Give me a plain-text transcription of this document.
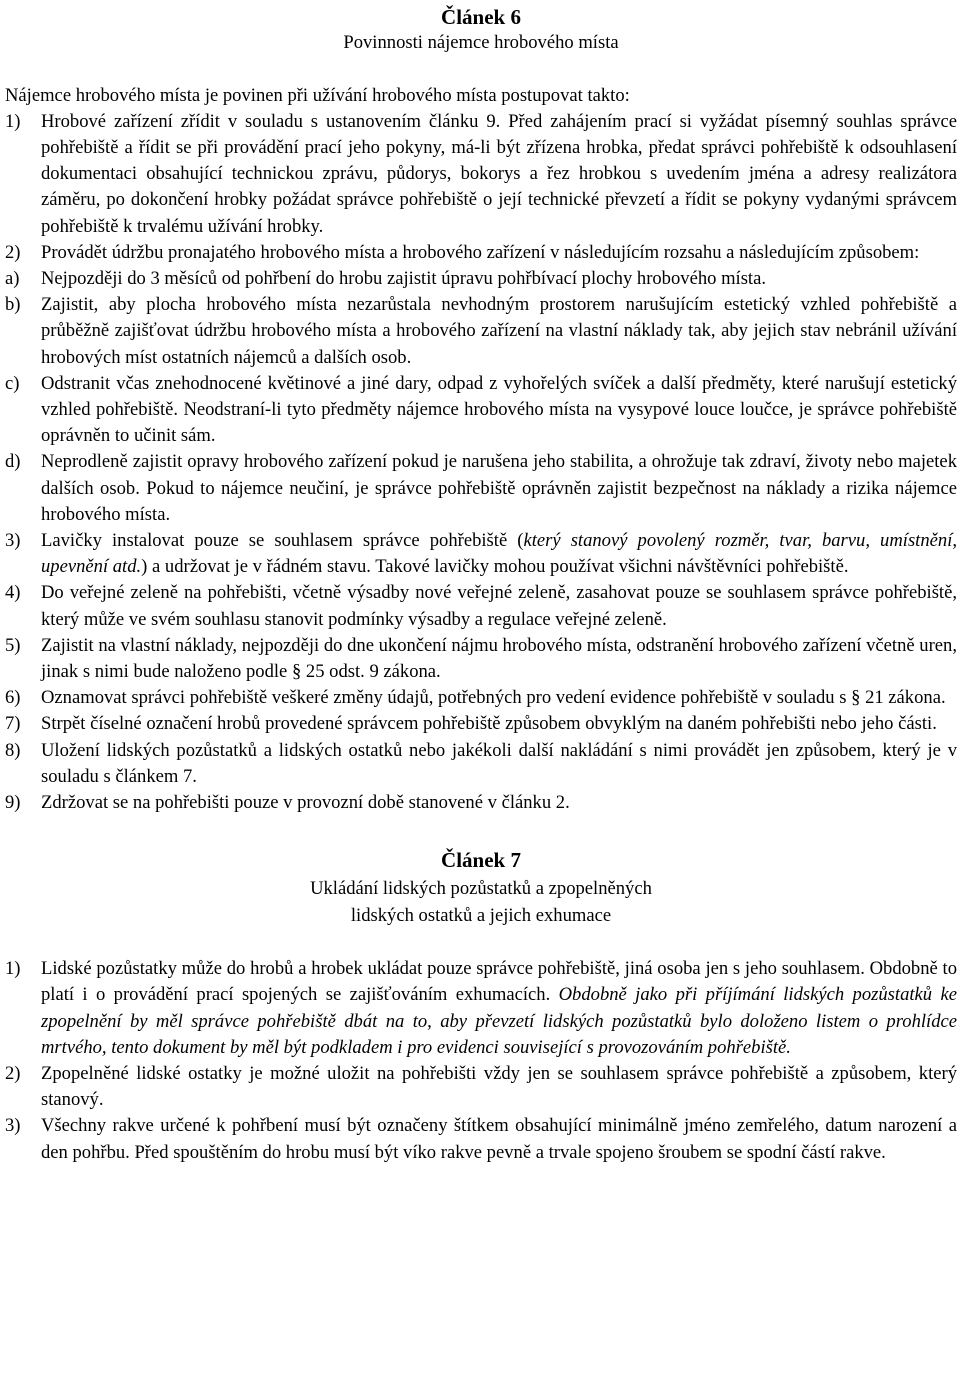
Článek 6
Povinnosti nájemce hrobového místa

Nájemce hrobového místa je povinen při užívání hrobového místa postupovat takto:

1)	Hrobové zařízení zřídit v souladu s ustanovením článku 9. Před zahájením prací si vyžádat písemný souhlas správce pohřebiště a řídit se při provádění prací jeho pokyny, má-li být zřízena hrobka, předat správci pohřebiště k odsouhlasení dokumentaci obsahující technickou zprávu, půdorys, bokorys a řez hrobkou s uvedením jména a adresy realizátora záměru, po dokončení hrobky požádat správce pohřebiště o její technické převzetí a řídit se pokyny vydanými správcem pohřebiště k trvalému užívání hrobky.
2)	Provádět údržbu pronajatého hrobového místa a hrobového zařízení v následujícím rozsahu a následujícím způsobem:
a)	Nejpozději do 3 měsíců od pohřbení do hrobu zajistit úpravu pohřbívací plochy hrobového místa.
b)	Zajistit, aby plocha hrobového místa nezarůstala nevhodným prostorem narušujícím estetický vzhled pohřebiště a průběžně zajišťovat údržbu hrobového místa a hrobového zařízení na vlastní náklady tak, aby jejich stav nebránil užívání hrobových míst ostatních nájemců a dalších osob.
c)	Odstranit včas znehodnocené květinové a jiné dary, odpad z vyhořelých svíček a další předměty, které narušují estetický vzhled pohřebiště. Neodstraní-li tyto předměty nájemce hrobového místa na vysypové louce loučce, je správce pohřebiště oprávněn to učinit sám.
d)	Neprodleně zajistit opravy hrobového zařízení pokud je narušena jeho stabilita, a ohrožuje tak zdraví, životy nebo majetek dalších osob. Pokud to nájemce neučiní, je správce pohřebiště oprávněn zajistit bezpečnost na náklady a rizika nájemce hrobového místa.
3)	Lavičky instalovat pouze se souhlasem správce pohřebiště (který stanový povolený rozměr, tvar, barvu, umístnění, upevnění atd.) a udržovat je v řádném stavu. Takové lavičky mohou používat všichni návštěvníci pohřebiště.
4)	Do veřejné zeleně na pohřebišti, včetně výsadby nové veřejné zeleně, zasahovat pouze se souhlasem správce pohřebiště, který může ve svém souhlasu stanovit podmínky výsadby a regulace veřejné zeleně.
5)	Zajistit na vlastní náklady, nejpozději do dne ukončení nájmu hrobového místa, odstranění hrobového zařízení včetně uren, jinak s nimi bude naloženo podle § 25 odst. 9 zákona.
6)	Oznamovat správci pohřebiště veškeré změny údajů, potřebných pro vedení evidence pohřebiště v souladu s § 21 zákona.
7)	Strpět číselné označení hrobů provedené správcem pohřebiště způsobem obvyklým na daném pohřebišti nebo jeho části.
8)	Uložení lidských pozůstatků a lidských ostatků nebo jakékoli další nakládání s nimi provádět jen způsobem, který je v souladu s článkem 7.
9)	Zdržovat se na pohřebišti pouze v provozní době stanovené v článku 2.
Článek 7
Ukládání lidských pozůstatků a zpopelněných
lidských ostatků a jejich exhumace
1)	Lidské pozůstatky může do hrobů a hrobek ukládat pouze správce pohřebiště, jiná osoba jen s jeho souhlasem. Obdobně to platí i o provádění prací spojených se zajišťováním exhumacích. Obdobně jako při příjímání lidských pozůstatků ke zpopelnění by měl správce pohřebiště dbát na to, aby převzetí lidských pozůstatků bylo doloženo listem o prohlídce mrtvého, tento dokument by měl být podkladem i pro evidenci související s provozováním pohřebiště.
2)	Zpopelněné lidské ostatky je možné uložit na pohřebišti vždy jen se souhlasem správce pohřebiště a způsobem, který stanový.
3)	Všechny rakve určené k pohřbení musí být označeny štítkem obsahující minimálně jméno zemřelého, datum narození a den pohřbu. Před spouštěním do hrobu musí být víko rakve pevně a trvale spojeno šroubem se spodní částí rakve.
